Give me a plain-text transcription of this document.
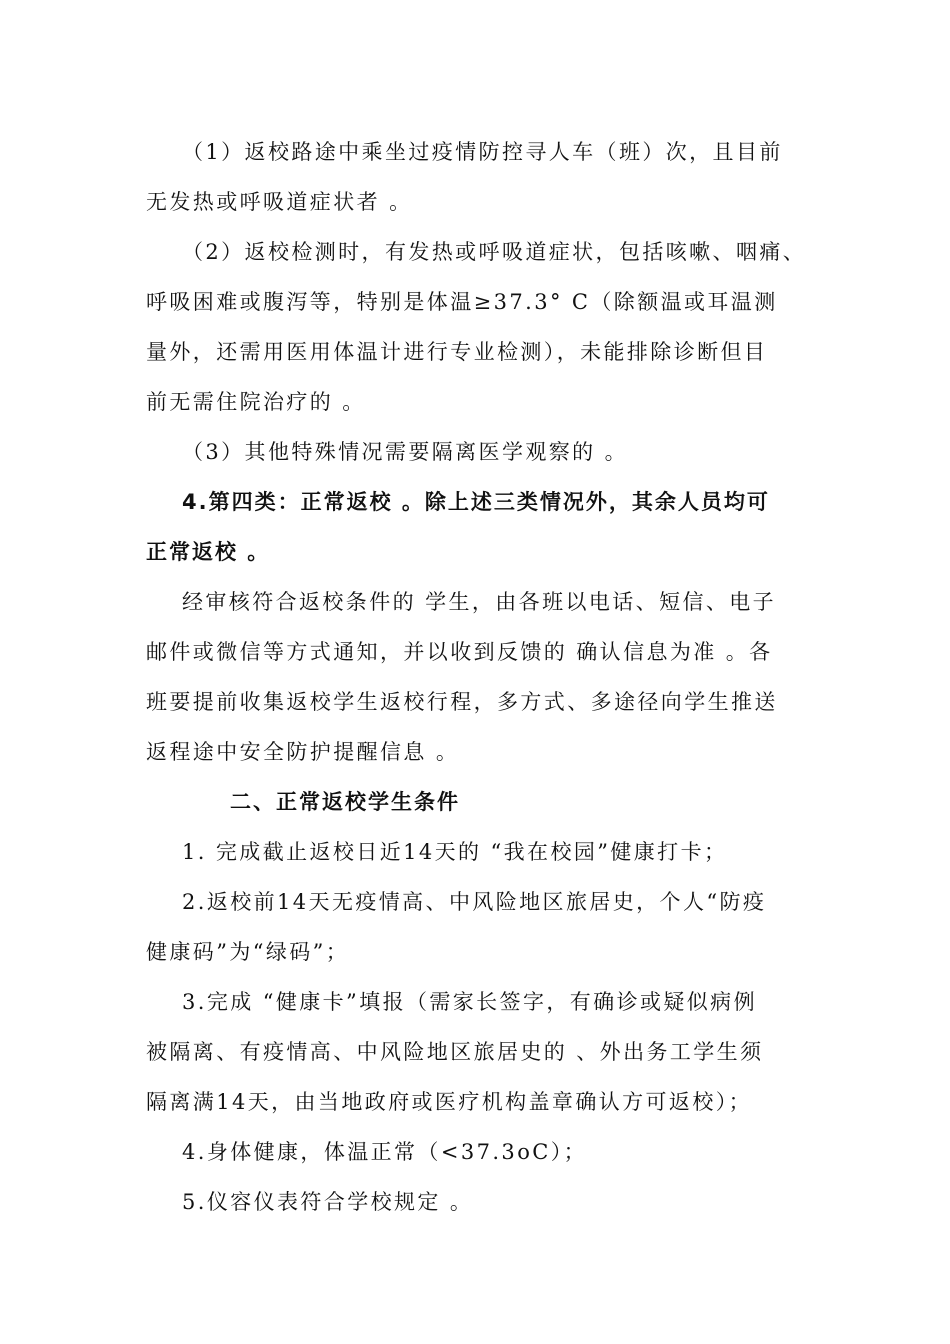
（1）返校路途中乘坐过疫情防控寻人车（班）次，且目前
无发热或呼吸道症状者 。
（2）返校检测时，有发热或呼吸道症状，包括咳嗽、咽痛、
呼吸困难或腹泻等，特别是体温≥37.3° C（除额温或耳温测
量外，还需用医用体温计进行专业检测），未能排除诊断但目
前无需住院治疗的 。
（3）其他特殊情况需要隔离医学观察的 。
4.第四类：正常返校 。除上述三类情况外，其余人员均可
正常返校 。
经审核符合返校条件的 学生，由各班以电话、短信、电子
邮件或微信等方式通知，并以收到反馈的 确认信息为准 。各
班要提前收集返校学生返校行程，多方式、多途径向学生推送
返程途中安全防护提醒信息 。
二、正常返校学生条件
1. 完成截止返校日近14天的 “我在校园”健康打卡；
2.返校前14天无疫情高、中风险地区旅居史，个人“防疫
健康码”为“绿码”；
3.完成 “健康卡”填报（需家长签字，有确诊或疑似病例
被隔离、有疫情高、中风险地区旅居史的 、外出务工学生须
隔离满14天，由当地政府或医疗机构盖章确认方可返校）；
4.身体健康，体温正常（<37.3oC）；
5.仪容仪表符合学校规定 。
